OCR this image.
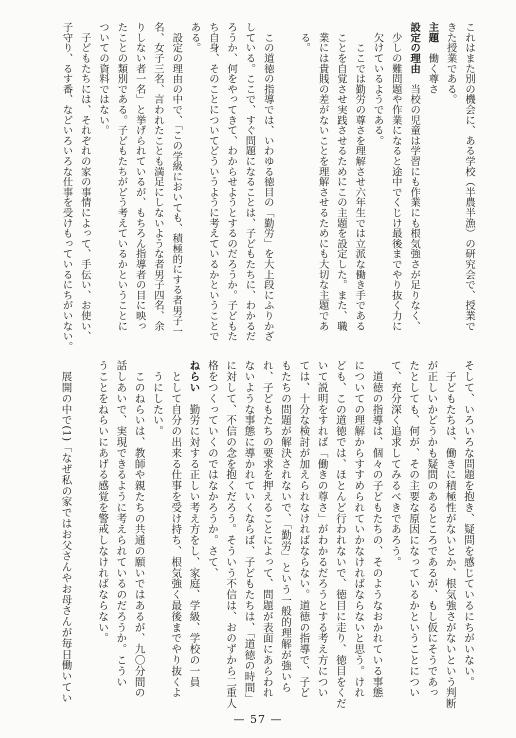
これはまた別の機会に、ある学校（半農半漁）の研究会で、授業で
きた授業である。
主題　働く尊さ
設定の理由　当校の児童は学習にも作業にも根気強さが足りなく、
　少しの難問題や作業になると途中でくじけ最後までやり抜く力に
　欠けているようである。
　　ここでは勤労の尊さを理解させ六年生では立派な働き手である
　ことを自覚させ実践させるためにこの主題を設定した。また、職
　業には貴賎の差がないことを理解させるためにも大切な主題であ
　る。
　この道徳の指導では、いわゆる徳目の「勤労」を大上段にふりかざ
している。ここで、すぐ問題になることは、子どもたちに、わかるだ
ろうか、何をやってきて、わからせようとするのだろうか。子どもた
ち自身、そのことについてどういうように考えているかということで
ある。
　設定の理由の中で、「この学級においても、積極的にする者男子一
名、女子三名、言われたことも満足にしないような者男子四名、余
りしない者一名」と挙げられているが、もちろん指導者の目に映っ
たことの類別である。子どもたちがどう考えているかということに
ついての資料ではない。
　子どもたちには、それぞれの家の事情によって、手伝い、お使い、
子守り、るす番、などいろいろな仕事を受けもっているにちがいない。
そして、いろいろな問題を抱き、疑問を感じているにちがいない。
　子どもたちは、働きに積極性がないとか、根気強さがないという判断
が正しいかどうかも疑問のあるところであるが、もし仮にそうであっ
たとしても、何が、その主要な原因になっているかということについ
て、充分深く追求してみるべきであろう。
　道徳の指導は、個々の子どもたちの、そのようなおかれている事態
についての理解からすすめられていかなければならないと思う。けれ
ども、この道徳では、ほとんど行われないで、徳目に走り、徳目をくだ
いて説明をすれば「働きの尊さ」がわかるだろうとする考え方につい
ては、十分な検討が加えられなければならない。道徳の指導で、子ど
もたちの問題が解決されないで、「勤労」という一般的理解が強いら
れ、子どもたちの要求を押えることによって、問題が表面にあらわれ
ないような事態に導かれていくならば、子どもたちは、「道徳の時間」
に対して、不信の念を抱くだろう。そういう不信は、おのずから二重人
格をつくっていくのではなかろうか。さて、
ねらい　勤労に対する正しい考え方をし、家庭、学級、学校の一員
　として自分の出来る仕事を受け持ち、根気強く最後までやり抜くよ
　うにしたい。
　このねらいは、教師や親たちの共通の願いではあるが、九〇分間の
話しあいで、実現できるように考えられているのだろうか。こうい
うことをねらいにあげる感覚を警戒しなければならない。
　展開の中で(1)「なぜ私の家ではお父さんやお母さんが毎日働いてい
— 57 —
